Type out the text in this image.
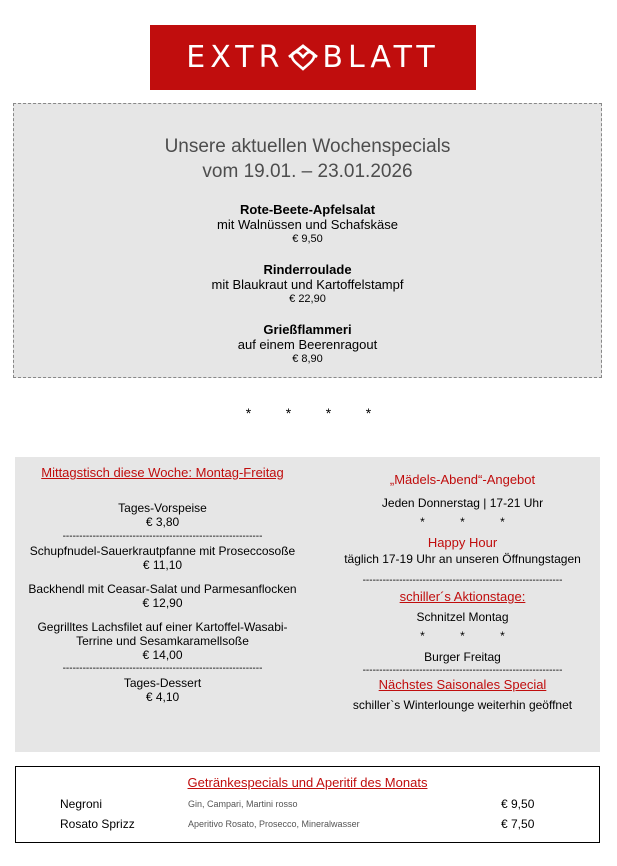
EXTR BLATT
Unsere aktuellen Wochenspecials
vom 19.01. – 23.01.2026
Rote-Beete-Apfelsalat
mit Walnüssen und Schafskäse
€ 9,50
Rinderroulade
mit Blaukraut und Kartoffelstampf
€ 22,90
Grießflammeri
auf einem Beerenragout
€ 8,90
* * * *
Mittagstisch diese Woche: Montag-Freitag
Tages-Vorspeise
€ 3,80
------------------------------------------------------------
Schupfnudel-Sauerkrautpfanne mit Proseccosoße
€ 11,10
Backhendl mit Ceasar-Salat und Parmesanflocken
€ 12,90
Gegrilltes Lachsfilet auf einer Kartoffel-Wasabi-
Terrine und Sesamkaramellsoße
€ 14,00
------------------------------------------------------------
Tages-Dessert
€ 4,10
„Mädels-Abend“-Angebot
Jeden Donnerstag | 17-21 Uhr
*	*	*
Happy Hour
täglich 17-19 Uhr an unseren Öffnungstagen
------------------------------------------------------------
schiller´s Aktionstage:
Schnitzel Montag
*	*	*
Burger Freitag
------------------------------------------------------------
Nächstes Saisonales Special
schiller`s Winterlounge weiterhin geöffnet
Getränkespecials und Aperitif des Monats
Negroni	Gin, Campari, Martini rosso	€ 9,50
Rosato Sprizz	Aperitivo Rosato, Prosecco, Mineralwasser	€ 7,50
